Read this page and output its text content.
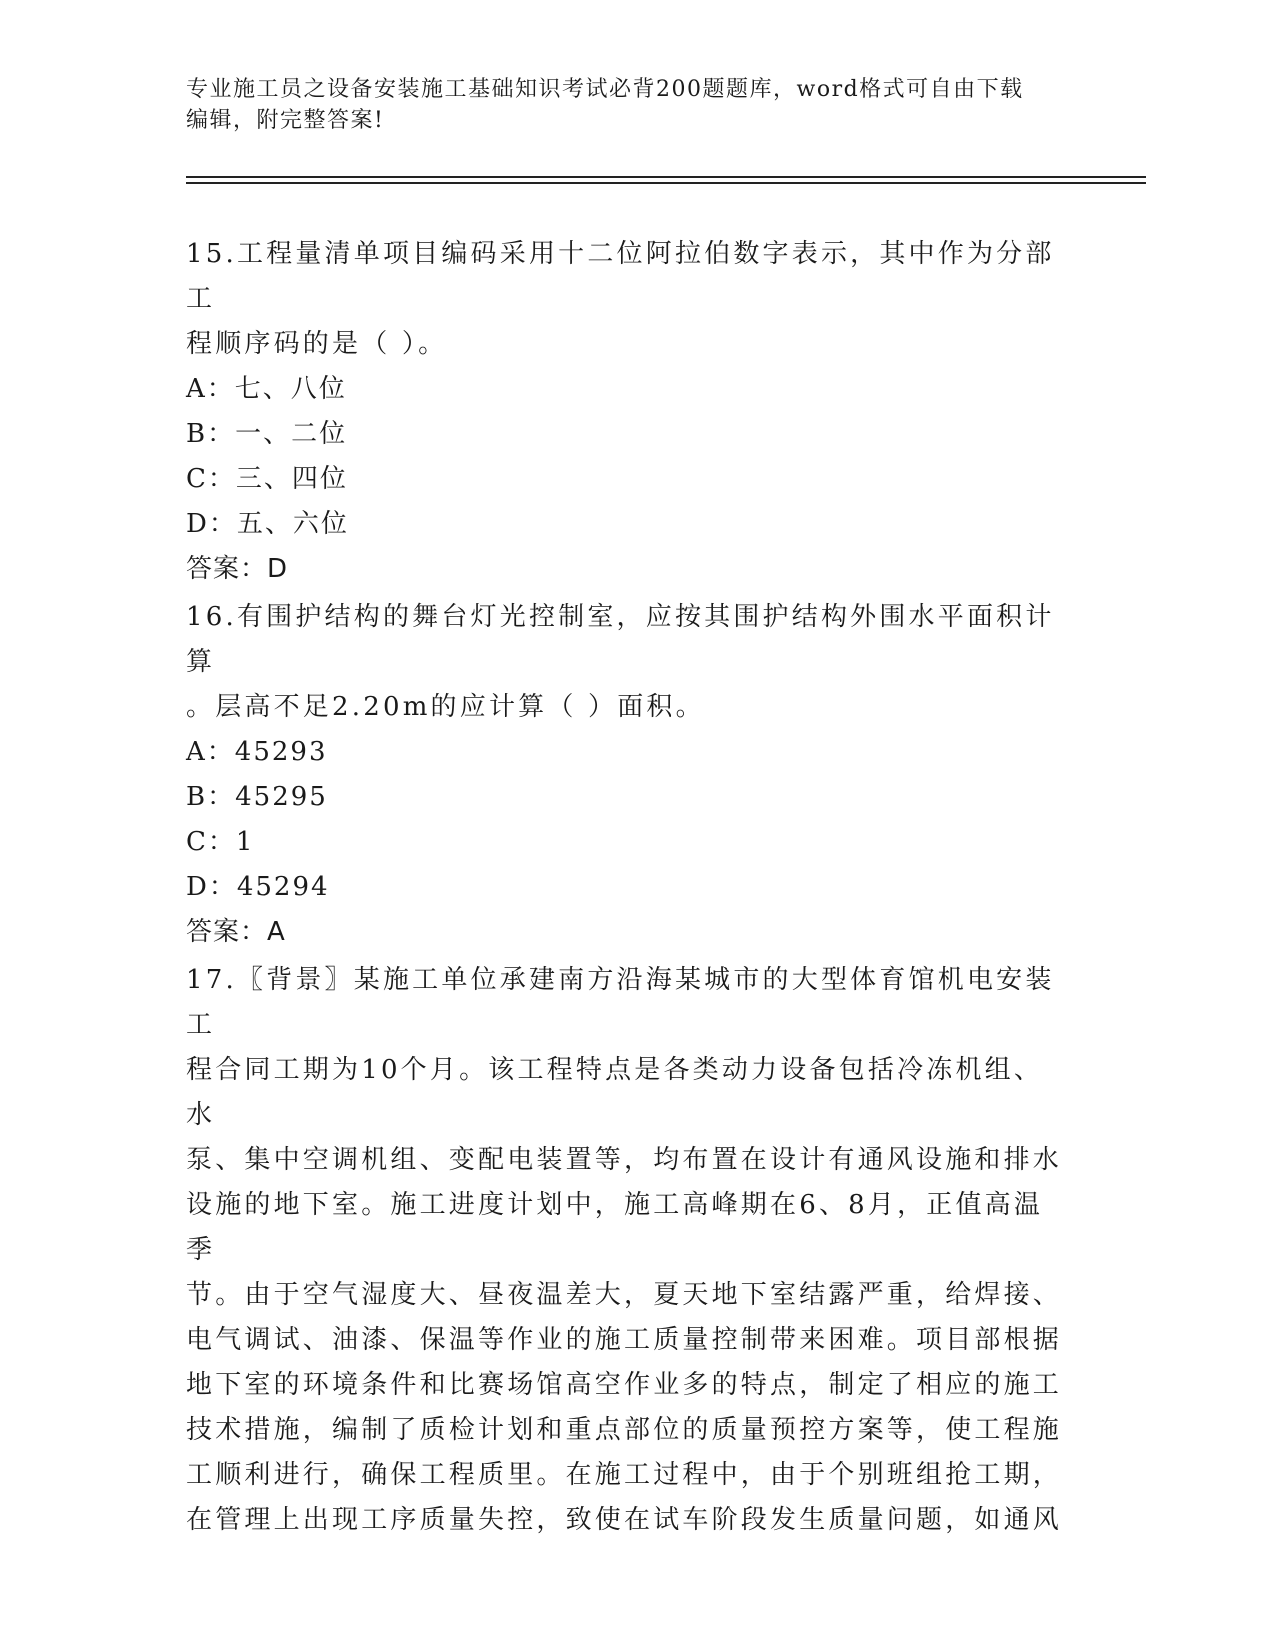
专业施工员之设备安装施工基础知识考试必背200题题库，word格式可自由下载
编辑，附完整答案!

15.工程量清单项目编码采用十二位阿拉伯数字表示，其中作为分部工

程顺序码的是（ ）。

A：七、八位

B：一、二位

C：三、四位

D：五、六位

答案：D

16.有围护结构的舞台灯光控制室，应按其围护结构外围水平面积计算

。层高不足2.20m的应计算（ ）面积。

A：45293

B：45295

C：1

D：45294

答案：A

17.〖背景〗某施工单位承建南方沿海某城市的大型体育馆机电安装工

程合同工期为10个月。该工程特点是各类动力设备包括冷冻机组、水

泵、集中空调机组、变配电装置等，均布置在设计有通风设施和排水

设施的地下室。施工进度计划中，施工高峰期在6、8月，正值高温季

节。由于空气湿度大、昼夜温差大，夏天地下室结露严重，给焊接、

电气调试、油漆、保温等作业的施工质量控制带来困难。项目部根据

地下室的环境条件和比赛场馆高空作业多的特点，制定了相应的施工

技术措施，编制了质检计划和重点部位的质量预控方案等，使工程施

工顺利进行，确保工程质里。在施工过程中，由于个别班组抢工期，

在管理上出现工序质量失控，致使在试车阶段发生质量问题，如通风
